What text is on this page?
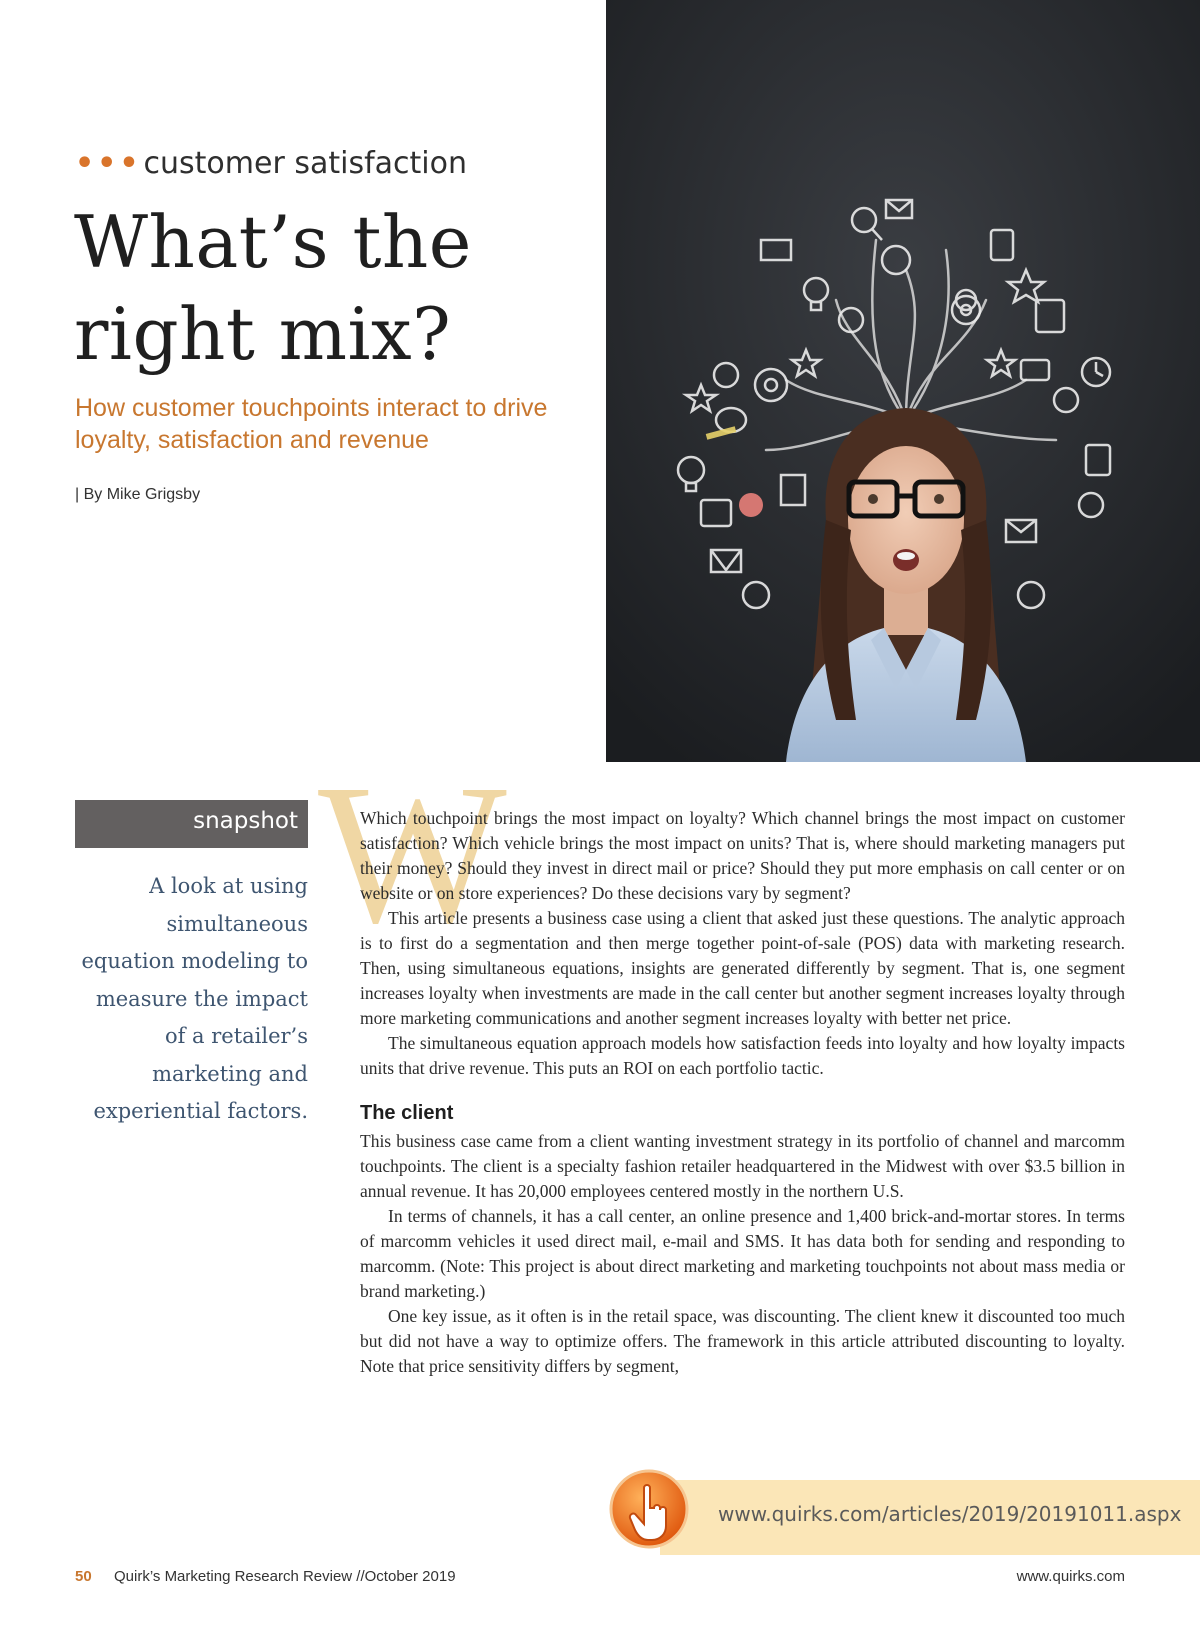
•••customer satisfaction
What’s the
right mix?
How customer touchpoints interact to drive loyalty, satisfaction and revenue
| By Mike Grigsby
snapshot
A look at using simultaneous equation modeling to measure the impact of a retailer’s marketing and experiential factors.
W

Which touchpoint brings the most impact on loyalty? Which channel brings the most impact on customer satisfaction? Which vehicle brings the most impact on units? That is, where should marketing managers put their money? Should they invest in direct mail or price? Should they put more emphasis on call center or on website or on store experiences? Do these decisions vary by segment?

This article presents a business case using a client that asked just these questions. The analytic approach is to first do a segmentation and then merge together point-of-sale (POS) data with marketing research. Then, using simultaneous equations, insights are generated differently by segment. That is, one segment increases loyalty when investments are made in the call center but another segment increases loyalty through more marketing communications and another segment increases loyalty with better net price.

The simultaneous equation approach models how satisfaction feeds into loyalty and how loyalty impacts units that drive revenue. This puts an ROI on each portfolio tactic.

The client

This business case came from a client wanting investment strategy in its portfolio of channel and marcomm touchpoints. The client is a specialty fashion retailer headquartered in the Midwest with over $3.5 billion in annual revenue. It has 20,000 employees centered mostly in the northern U.S.

In terms of channels, it has a call center, an online presence and 1,400 brick-and-mortar stores. In terms of marcomm vehicles it used direct mail, e-mail and SMS. It has data both for sending and responding to marcomm. (Note: This project is about direct marketing and marketing touchpoints not about mass media or brand marketing.)

One key issue, as it often is in the retail space, was discounting. The client knew it discounted too much but did not have a way to optimize offers. The framework in this article attributed discounting to loyalty. Note that price sensitivity differs by segment,

www.quirks.com/articles/2019/20191011.aspx
50 Quirk’s Marketing Research Review //October 2019	www.quirks.com
